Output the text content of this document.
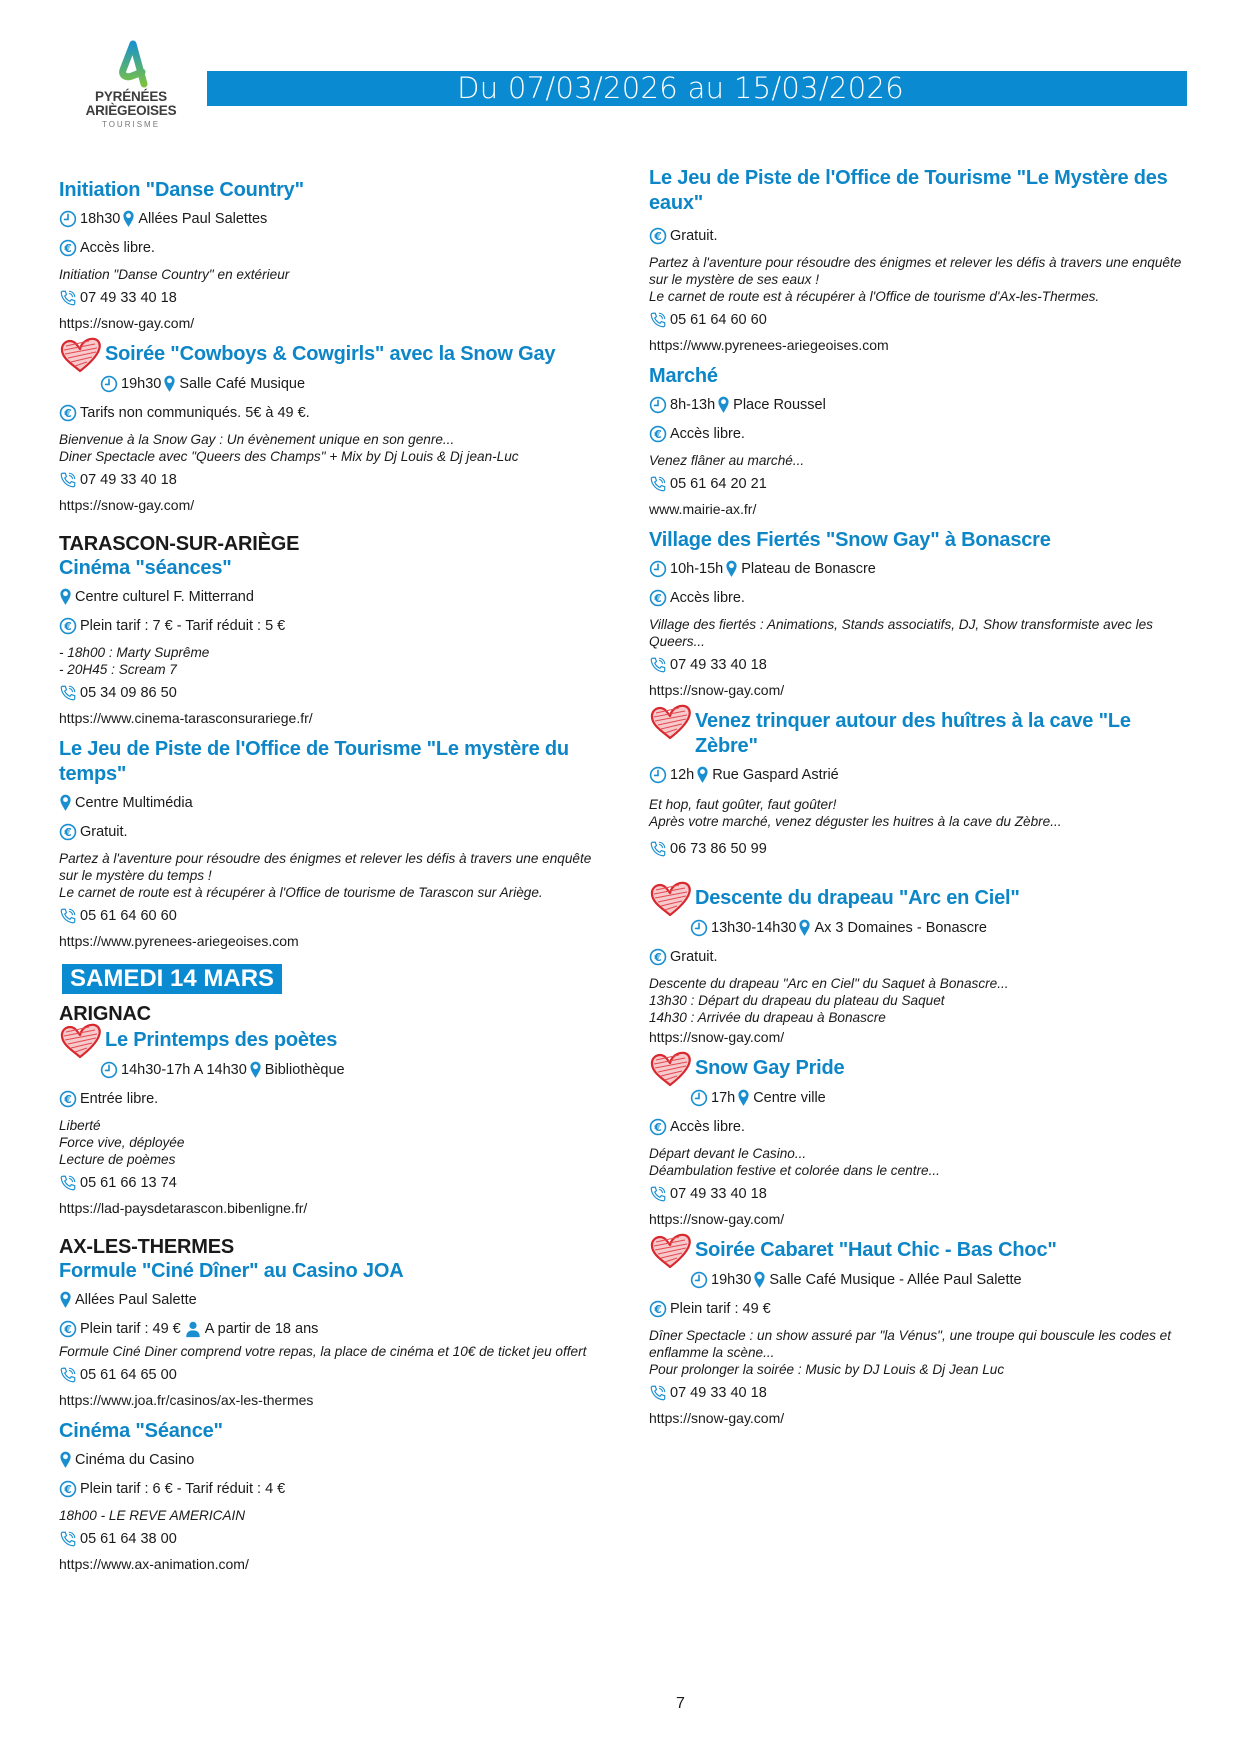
PYRÉNÉES
ARIÈGEOISES
TOURISME
Du 07/03/2026 au 15/03/2026
Initiation "Danse Country"
18h30 Allées Paul Salettes
Accès libre.
Initiation "Danse Country" en extérieur
07 49 33 40 18
https://snow-gay.com/
Soirée "Cowboys & Cowgirls" avec la Snow Gay
19h30 Salle Café Musique
Tarifs non communiqués. 5€ à 49 €.
Bienvenue à la Snow Gay : Un évènement unique en son genre...
Diner Spectacle avec "Queers des Champs" + Mix by Dj Louis & Dj jean-Luc
07 49 33 40 18
https://snow-gay.com/
TARASCON-SUR-ARIÈGE
Cinéma "séances"
Centre culturel F. Mitterrand
Plein tarif : 7 € - Tarif réduit : 5 €
- 18h00 : Marty Suprême
- 20H45 : Scream 7
05 34 09 86 50
https://www.cinema-tarasconsurariege.fr/
Le Jeu de Piste de l'Office de Tourisme "Le mystère du
temps"
Centre Multimédia
Gratuit.
Partez à l'aventure pour résoudre des énigmes et relever les défis à travers une enquête
sur le mystère du temps !
Le carnet de route est à récupérer à l'Office de tourisme de Tarascon sur Ariège.
05 61 64 60 60
https://www.pyrenees-ariegeoises.com
SAMEDI 14 MARS
ARIGNAC
Le Printemps des poètes
14h30-17h A 14h30 Bibliothèque
Entrée libre.
Liberté
Force vive, déployée
Lecture de poèmes
05 61 66 13 74
https://lad-paysdetarascon.bibenligne.fr/
AX-LES-THERMES
Formule "Ciné Dîner" au Casino JOA
Allées Paul Salette
Plein tarif : 49 € A partir de 18 ans
Formule Ciné Diner comprend votre repas, la place de cinéma et 10€ de ticket jeu offert
05 61 64 65 00
https://www.joa.fr/casinos/ax-les-thermes
Cinéma "Séance"
Cinéma du Casino
Plein tarif : 6 € - Tarif réduit : 4 €
18h00 - LE REVE AMERICAIN
05 61 64 38 00
https://www.ax-animation.com/
Le Jeu de Piste de l'Office de Tourisme "Le Mystère des
eaux"
Gratuit.
Partez à l'aventure pour résoudre des énigmes et relever les défis à travers une enquête
sur le mystère de ses eaux !
Le carnet de route est à récupérer à l'Office de tourisme d'Ax-les-Thermes.
05 61 64 60 60
https://www.pyrenees-ariegeoises.com
Marché
8h-13h Place Roussel
Accès libre.
Venez flâner au marché...
05 61 64 20 21
www.mairie-ax.fr/
Village des Fiertés "Snow Gay" à Bonascre
10h-15h Plateau de Bonascre
Accès libre.
Village des fiertés : Animations, Stands associatifs, DJ, Show transformiste avec les
Queers...
07 49 33 40 18
https://snow-gay.com/
Venez trinquer autour des huîtres à la cave "Le
Zèbre"
12h Rue Gaspard Astrié
Et hop, faut goûter, faut goûter!
Après votre marché, venez déguster les huitres à la cave du Zèbre...
06 73 86 50 99
Descente du drapeau "Arc en Ciel"
13h30-14h30 Ax 3 Domaines - Bonascre
Gratuit.
Descente du drapeau "Arc en Ciel" du Saquet à Bonascre...
13h30 : Départ du drapeau du plateau du Saquet
14h30 : Arrivée du drapeau à Bonascre
https://snow-gay.com/
Snow Gay Pride
17h Centre ville
Accès libre.
Départ devant le Casino...
Déambulation festive et colorée dans le centre...
07 49 33 40 18
https://snow-gay.com/
Soirée Cabaret "Haut Chic - Bas Choc"
19h30 Salle Café Musique - Allée Paul Salette
Plein tarif : 49 €
Dîner Spectacle : un show assuré par "la Vénus", une troupe qui bouscule les codes et
enflamme la scène...
Pour prolonger la soirée : Music by DJ Louis & Dj Jean Luc
07 49 33 40 18
https://snow-gay.com/
7
